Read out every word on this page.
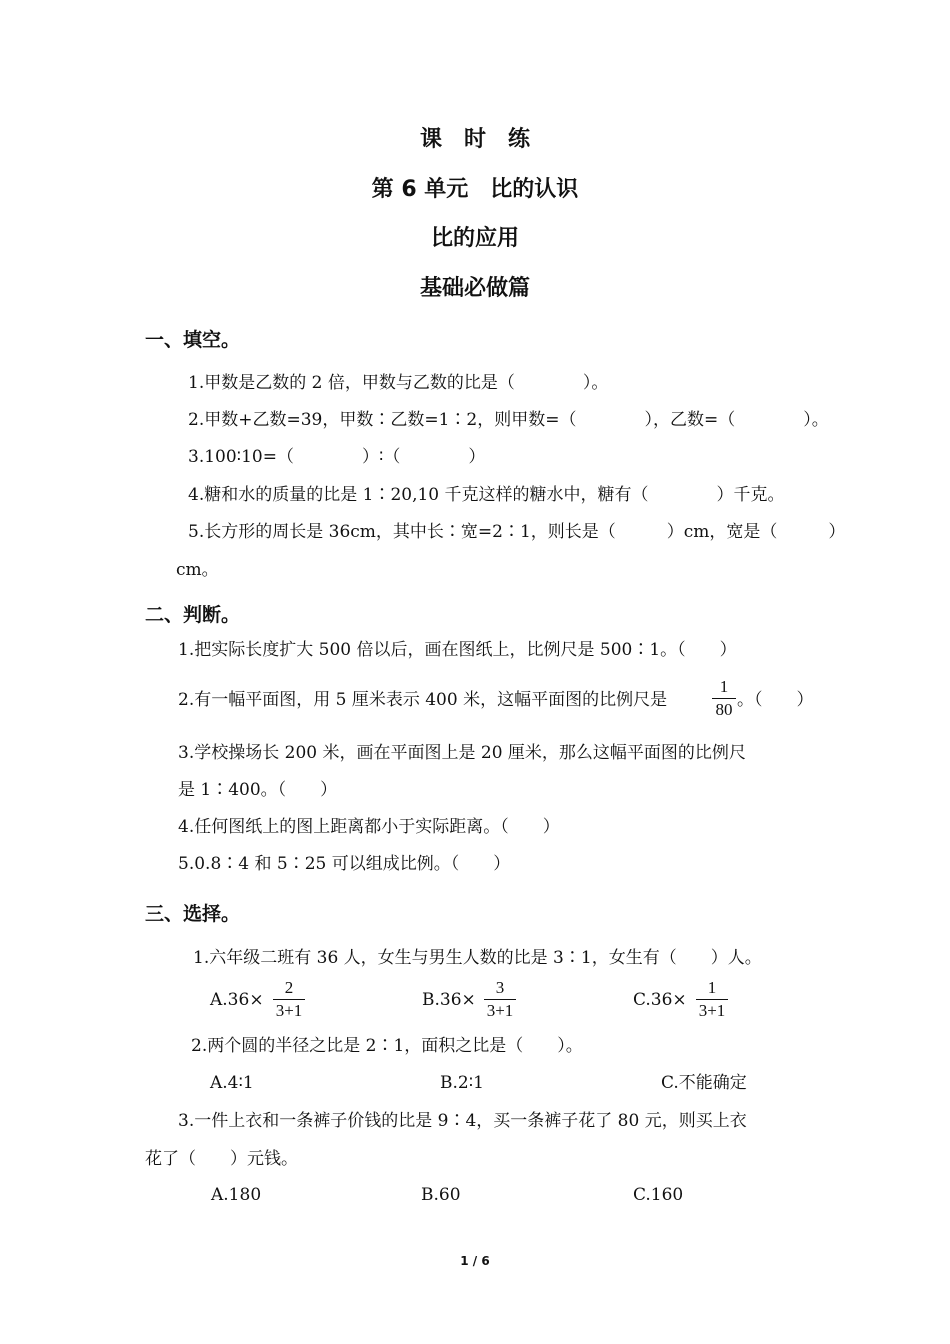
课　时　练
第 6 单元　比的认识
比的应用
基础必做篇
一、填空。
1.甲数是乙数的 2 倍，甲数与乙数的比是（　　　　）。
2.甲数+乙数=39，甲数∶乙数=1∶2，则甲数=（　　　　），乙数=（　　　　）。
3.100∶10=（　　　　）∶（　　　　）
4.糖和水的质量的比是 1∶20,10 千克这样的糖水中，糖有（　　　　）千克。
5.长方形的周长是 36cm，其中长∶宽=2∶1，则长是（　　　）cm，宽是（　　　）
cm。
二、判断。
1.把实际长度扩大 500 倍以后，画在图纸上，比例尺是 500∶1。（　　）
2.有一幅平面图，用 5 厘米表示 400 米，这幅平面图的比例尺是
1
80 。（　　）
3.学校操场长 200 米，画在平面图上是 20 厘米，那么这幅平面图的比例尺
是 1∶400。（　　）
4.任何图纸上的图上距离都小于实际距离。（　　）
5.0.8∶4 和 5∶25 可以组成比例。（　　）
三、选择。
1.六年级二班有 36 人，女生与男生人数的比是 3∶1，女生有（　　）人。
A.36×
2
3+1
B.36×
3
3+1
C.36×
1
3+1
2.两个圆的半径之比是 2∶1，面积之比是（　　）。
A.4∶1	B.2∶1	C.不能确定
3.一件上衣和一条裤子价钱的比是 9∶4，买一条裤子花了 80 元，则买上衣
花了（　　）元钱。
A.180	B.60	C.160
1 / 6
